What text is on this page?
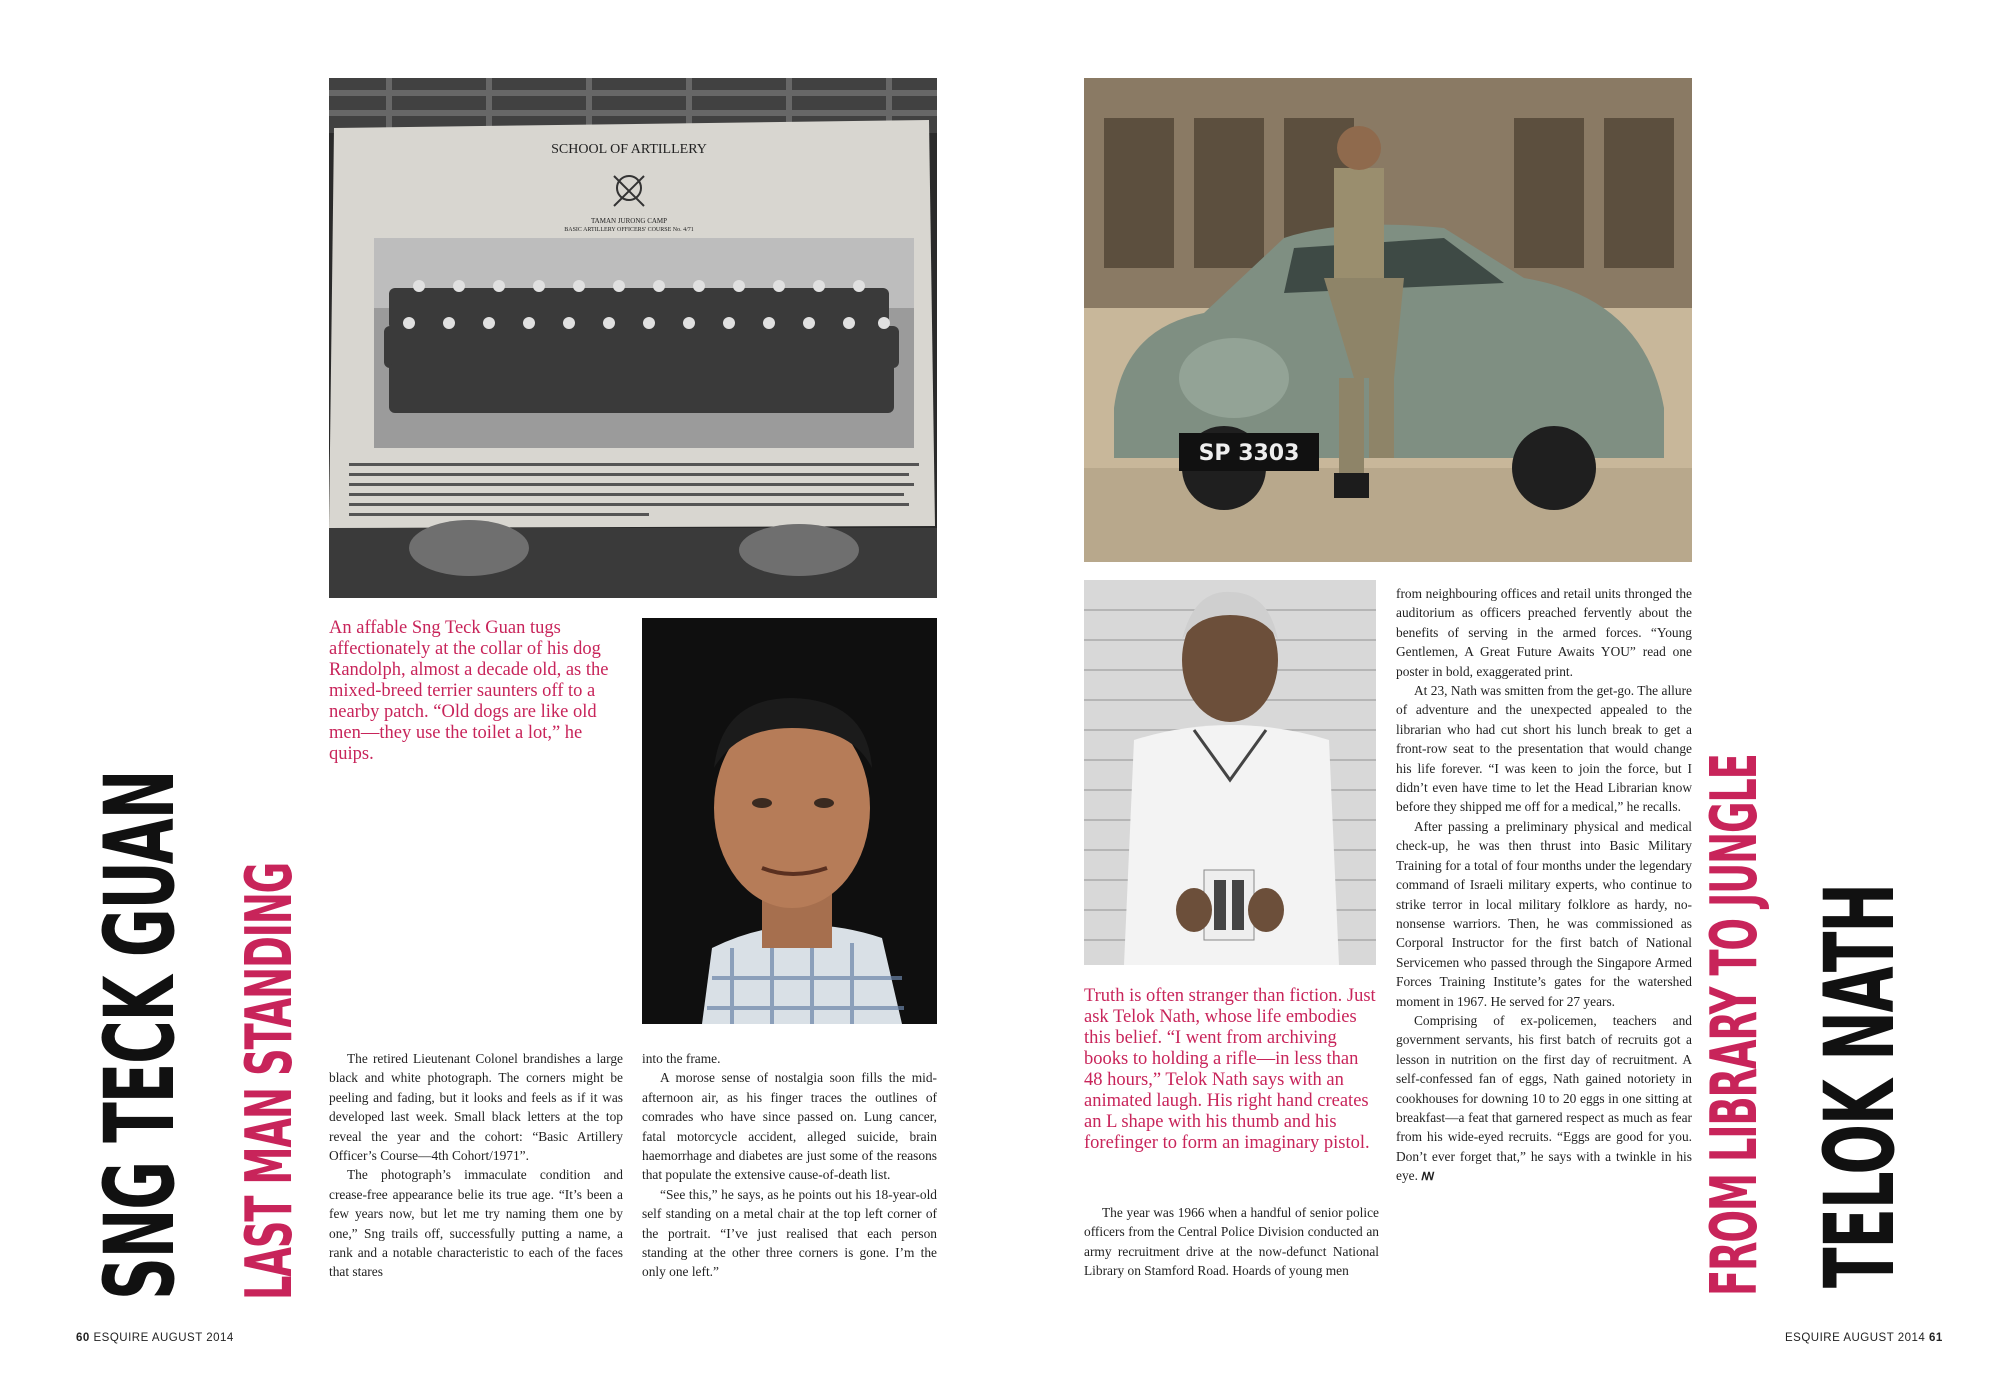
SCHOOL OF ARTILLERY
TAMAN JURONG CAMP
BASIC ARTILLERY OFFICERS' COURSE No. 4/71
SNG TECK GUAN LAST MAN STANDING
An affable Sng Teck Guan tugs affectionately at the collar of his dog Randolph, almost a decade old, as the mixed-breed terrier saunters off to a nearby patch. “Old dogs are like old men—they use the toilet a lot,” he quips.

The retired Lieutenant Colonel brandishes a large black and white photograph. The corners might be peeling and fading, but it looks and feels as if it was developed last week. Small black letters at the top reveal the year and the cohort: “Basic Artillery Officer’s Course—4th Cohort/1971”.

The photograph’s immaculate condition and crease-free appearance belie its true age. “It’s been a few years now, but let me try naming them one by one,” Sng trails off, successfully putting a name, a rank and a notable characteristic to each of the faces that stares

into the frame.

A morose sense of nostalgia soon fills the mid-afternoon air, as his finger traces the outlines of comrades who have since passed on. Lung cancer, fatal motorcycle accident, alleged suicide, brain haemorrhage and diabetes are just some of the reasons that populate the extensive cause-of-death list.

“See this,” he says, as he points out his 18-year-old self standing on a metal chair at the top left corner of the portrait. “I’ve just realised that each person standing at the other three corners is gone. I’m the only one left.”

60 ESQUIRE AUGUST 2014
SP 3303
Truth is often stranger than fiction. Just ask Telok Nath, whose life embodies this belief. “I went from archiving books to holding a rifle—in less than 48 hours,” Telok Nath says with an animated laugh. His right hand creates an L shape with his thumb and his forefinger to form an imaginary pistol.

The year was 1966 when a handful of senior police officers from the Central Police Division conducted an army recruitment drive at the now-defunct National Library on Stamford Road. Hoards of young men

from neighbouring offices and retail units thronged the auditorium as officers preached fervently about the benefits of serving in the armed forces. “Young Gentlemen, A Great Future Awaits YOU” read one poster in bold, exaggerated print.

At 23, Nath was smitten from the get-go. The allure of adventure and the unexpected appealed to the librarian who had cut short his lunch break to get a front-row seat to the presentation that would change his life forever. “I was keen to join the force, but I didn’t even have time to let the Head Librarian know before they shipped me off for a medical,” he recalls.

After passing a preliminary physical and medical check-up, he was then thrust into Basic Military Training for a total of four months under the legendary command of Israeli military experts, who continue to strike terror in local military folklore as hardy, no-nonsense warriors. Then, he was commissioned as Corporal Instructor for the first batch of National Servicemen who passed through the Singapore Armed Forces Training Institute’s gates for the watershed moment in 1967. He served for 27 years.

Comprising of ex-policemen, teachers and government servants, his first batch of recruits got a lesson in nutrition on the first day of recruitment. A self-confessed fan of eggs, Nath gained notoriety in cookhouses for downing 10 to 20 eggs in one sitting at breakfast—a feat that garnered respect as much as fear from his wide-eyed recruits. “Eggs are good for you. Don’t ever forget that,” he says with a twinkle in his eye. ꟿ	FROM LIBRARY TO JUNGLE TELOK NATH
ESQUIRE AUGUST 2014 61
